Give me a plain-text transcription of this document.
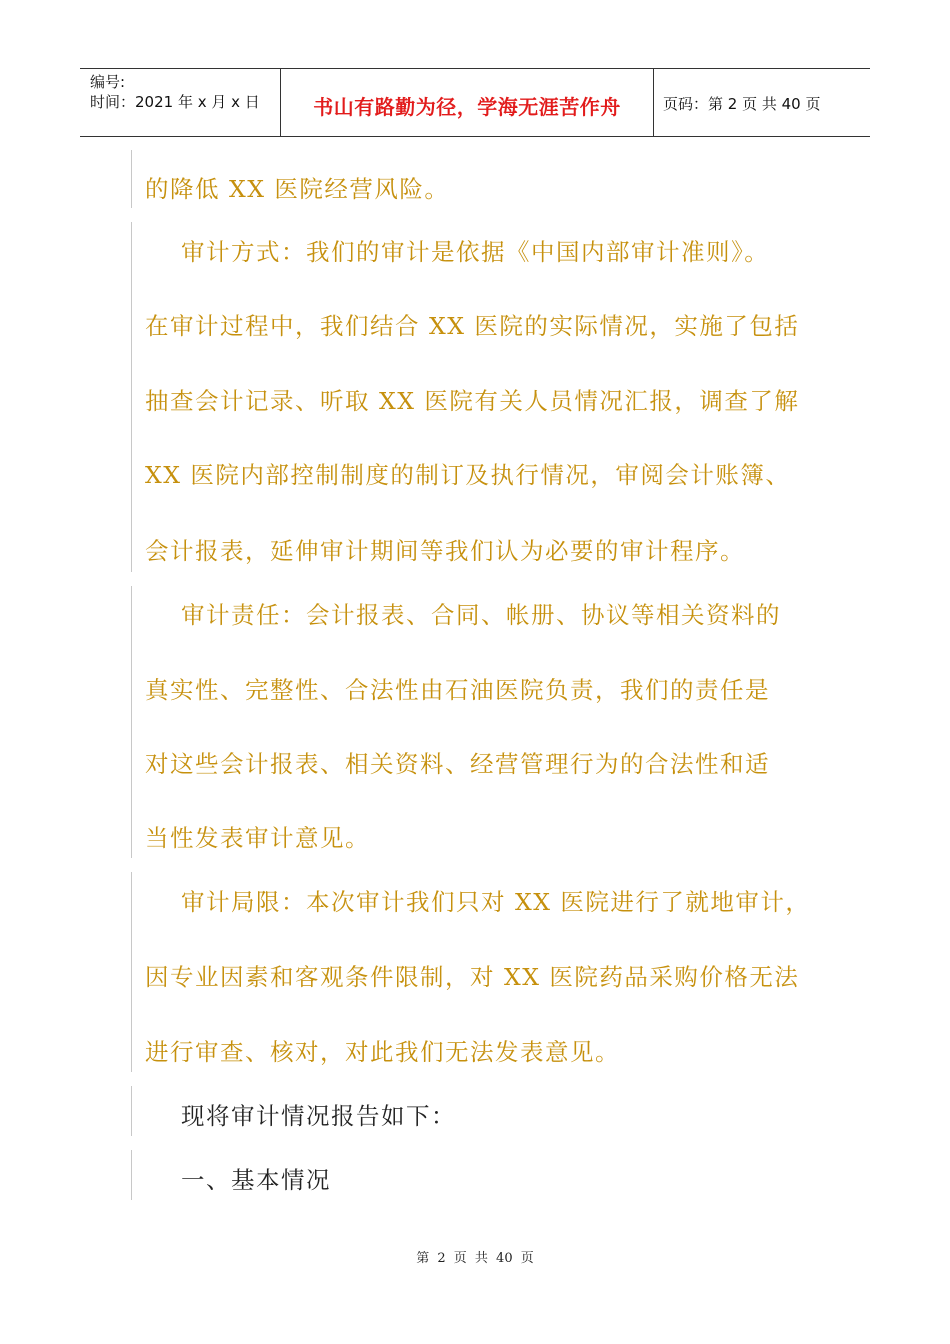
编号:
时间：2021 年 x 月 x 日	书山有路勤为径，学海无涯苦作舟	页码：第 2 页 共 40 页
的降低 XX 医院经营风险。
审计方式：我们的审计是依据《中国内部审计准则》。
在审计过程中，我们结合 XX 医院的实际情况，实施了包括
抽查会计记录、听取 XX 医院有关人员情况汇报，调查了解
XX 医院内部控制制度的制订及执行情况，审阅会计账簿、
会计报表，延伸审计期间等我们认为必要的审计程序。
审计责任：会计报表、合同、帐册、协议等相关资料的
真实性、完整性、合法性由石油医院负责，我们的责任是
对这些会计报表、相关资料、经营管理行为的合法性和适
当性发表审计意见。
审计局限：本次审计我们只对 XX 医院进行了就地审计，
因专业因素和客观条件限制，对 XX 医院药品采购价格无法
进行审查、核对，对此我们无法发表意见。
现将审计情况报告如下：
一、基本情况
第 2 页 共 40 页
